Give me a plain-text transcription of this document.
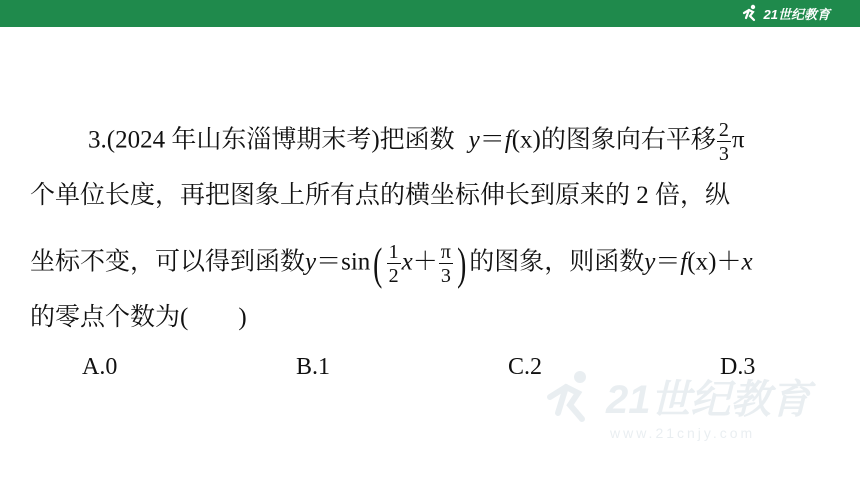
21世纪教育
3.(2024 年山东淄博期末考)把函数 y＝f(x)的图象向右平移 $\frac{2}{3}$ π
个单位长度，再把图象上所有点的横坐标伸长到原来的 2 倍，纵
坐标不变，可以得到函数$y=\sin( \frac{1}{2} x+ \frac{\pi}{3}$ ) 的图象，则函数y＝f(x)＋x
的零点个数为(　　)
A.0	B.1	C.2	D.3
21世纪教育
www.21cnjy.com
